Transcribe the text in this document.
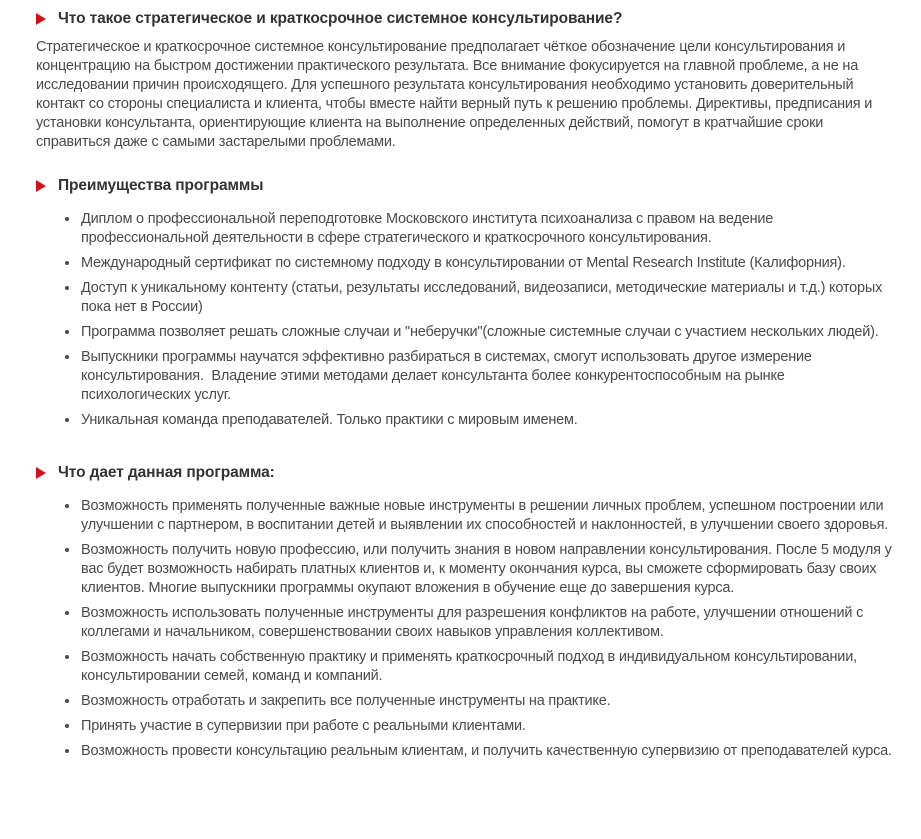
Что такое стратегическое и краткосрочное системное консультирование?

Стратегическое и краткосрочное системное консультирование предполагает чёткое обозначение цели консультирования и концентрацию на быстром достижении практического результата. Все внимание фокусируется на главной проблеме, а не на исследовании причин происходящего. Для успешного результата консультирования необходимо установить доверительный контакт со стороны специалиста и клиента, чтобы вместе найти верный путь к решению проблемы. Директивы, предписания и установки консультанта, ориентирующие клиента на выполнение определенных действий, помогут в кратчайшие сроки справиться даже с самыми застарелыми проблемами.

Преимущества программы
• Диплом о профессиональной переподготовке Московского института психоанализа с правом на ведение профессиональной деятельности в сфере стратегического и краткосрочного консультирования.
• Международный сертификат по системному подходу в консультировании от Mental Research Institute (Калифорния).
• Доступ к уникальному контенту (статьи, результаты исследований, видеозаписи, методические материалы и т.д.) которых пока нет в России)
• Программа позволяет решать сложные случаи и "неберучки"(сложные системные случаи с участием нескольких людей).
• Выпускники программы научатся эффективно разбираться в системах, смогут использовать другое измерение консультирования.  Владение этими методами делает консультанта более конкурентоспособным на рынке психологических услуг.
• Уникальная команда преподавателей. Только практики с мировым именем.
Что дает данная программа:
• Возможность применять полученные важные новые инструменты в решении личных проблем, успешном построении или улучшении с партнером, в воспитании детей и выявлении их способностей и наклонностей, в улучшении своего здоровья.
• Возможность получить новую профессию, или получить знания в новом направлении консультирования. После 5 модуля у вас будет возможность набирать платных клиентов и, к моменту окончания курса, вы сможете сформировать базу своих клиентов. Многие выпускники программы окупают вложения в обучение еще до завершения курса.
• Возможность использовать полученные инструменты для разрешения конфликтов на работе, улучшении отношений с коллегами и начальником, совершенствовании своих навыков управления коллективом.
• Возможность начать собственную практику и применять краткосрочный подход в индивидуальном консультировании, консультировании семей, команд и компаний.
• Возможность отработать и закрепить все полученные инструменты на практике.
• Принять участие в супервизии при работе с реальными клиентами.
• Возможность провести консультацию реальным клиентам, и получить качественную супервизию от преподавателей курса.
